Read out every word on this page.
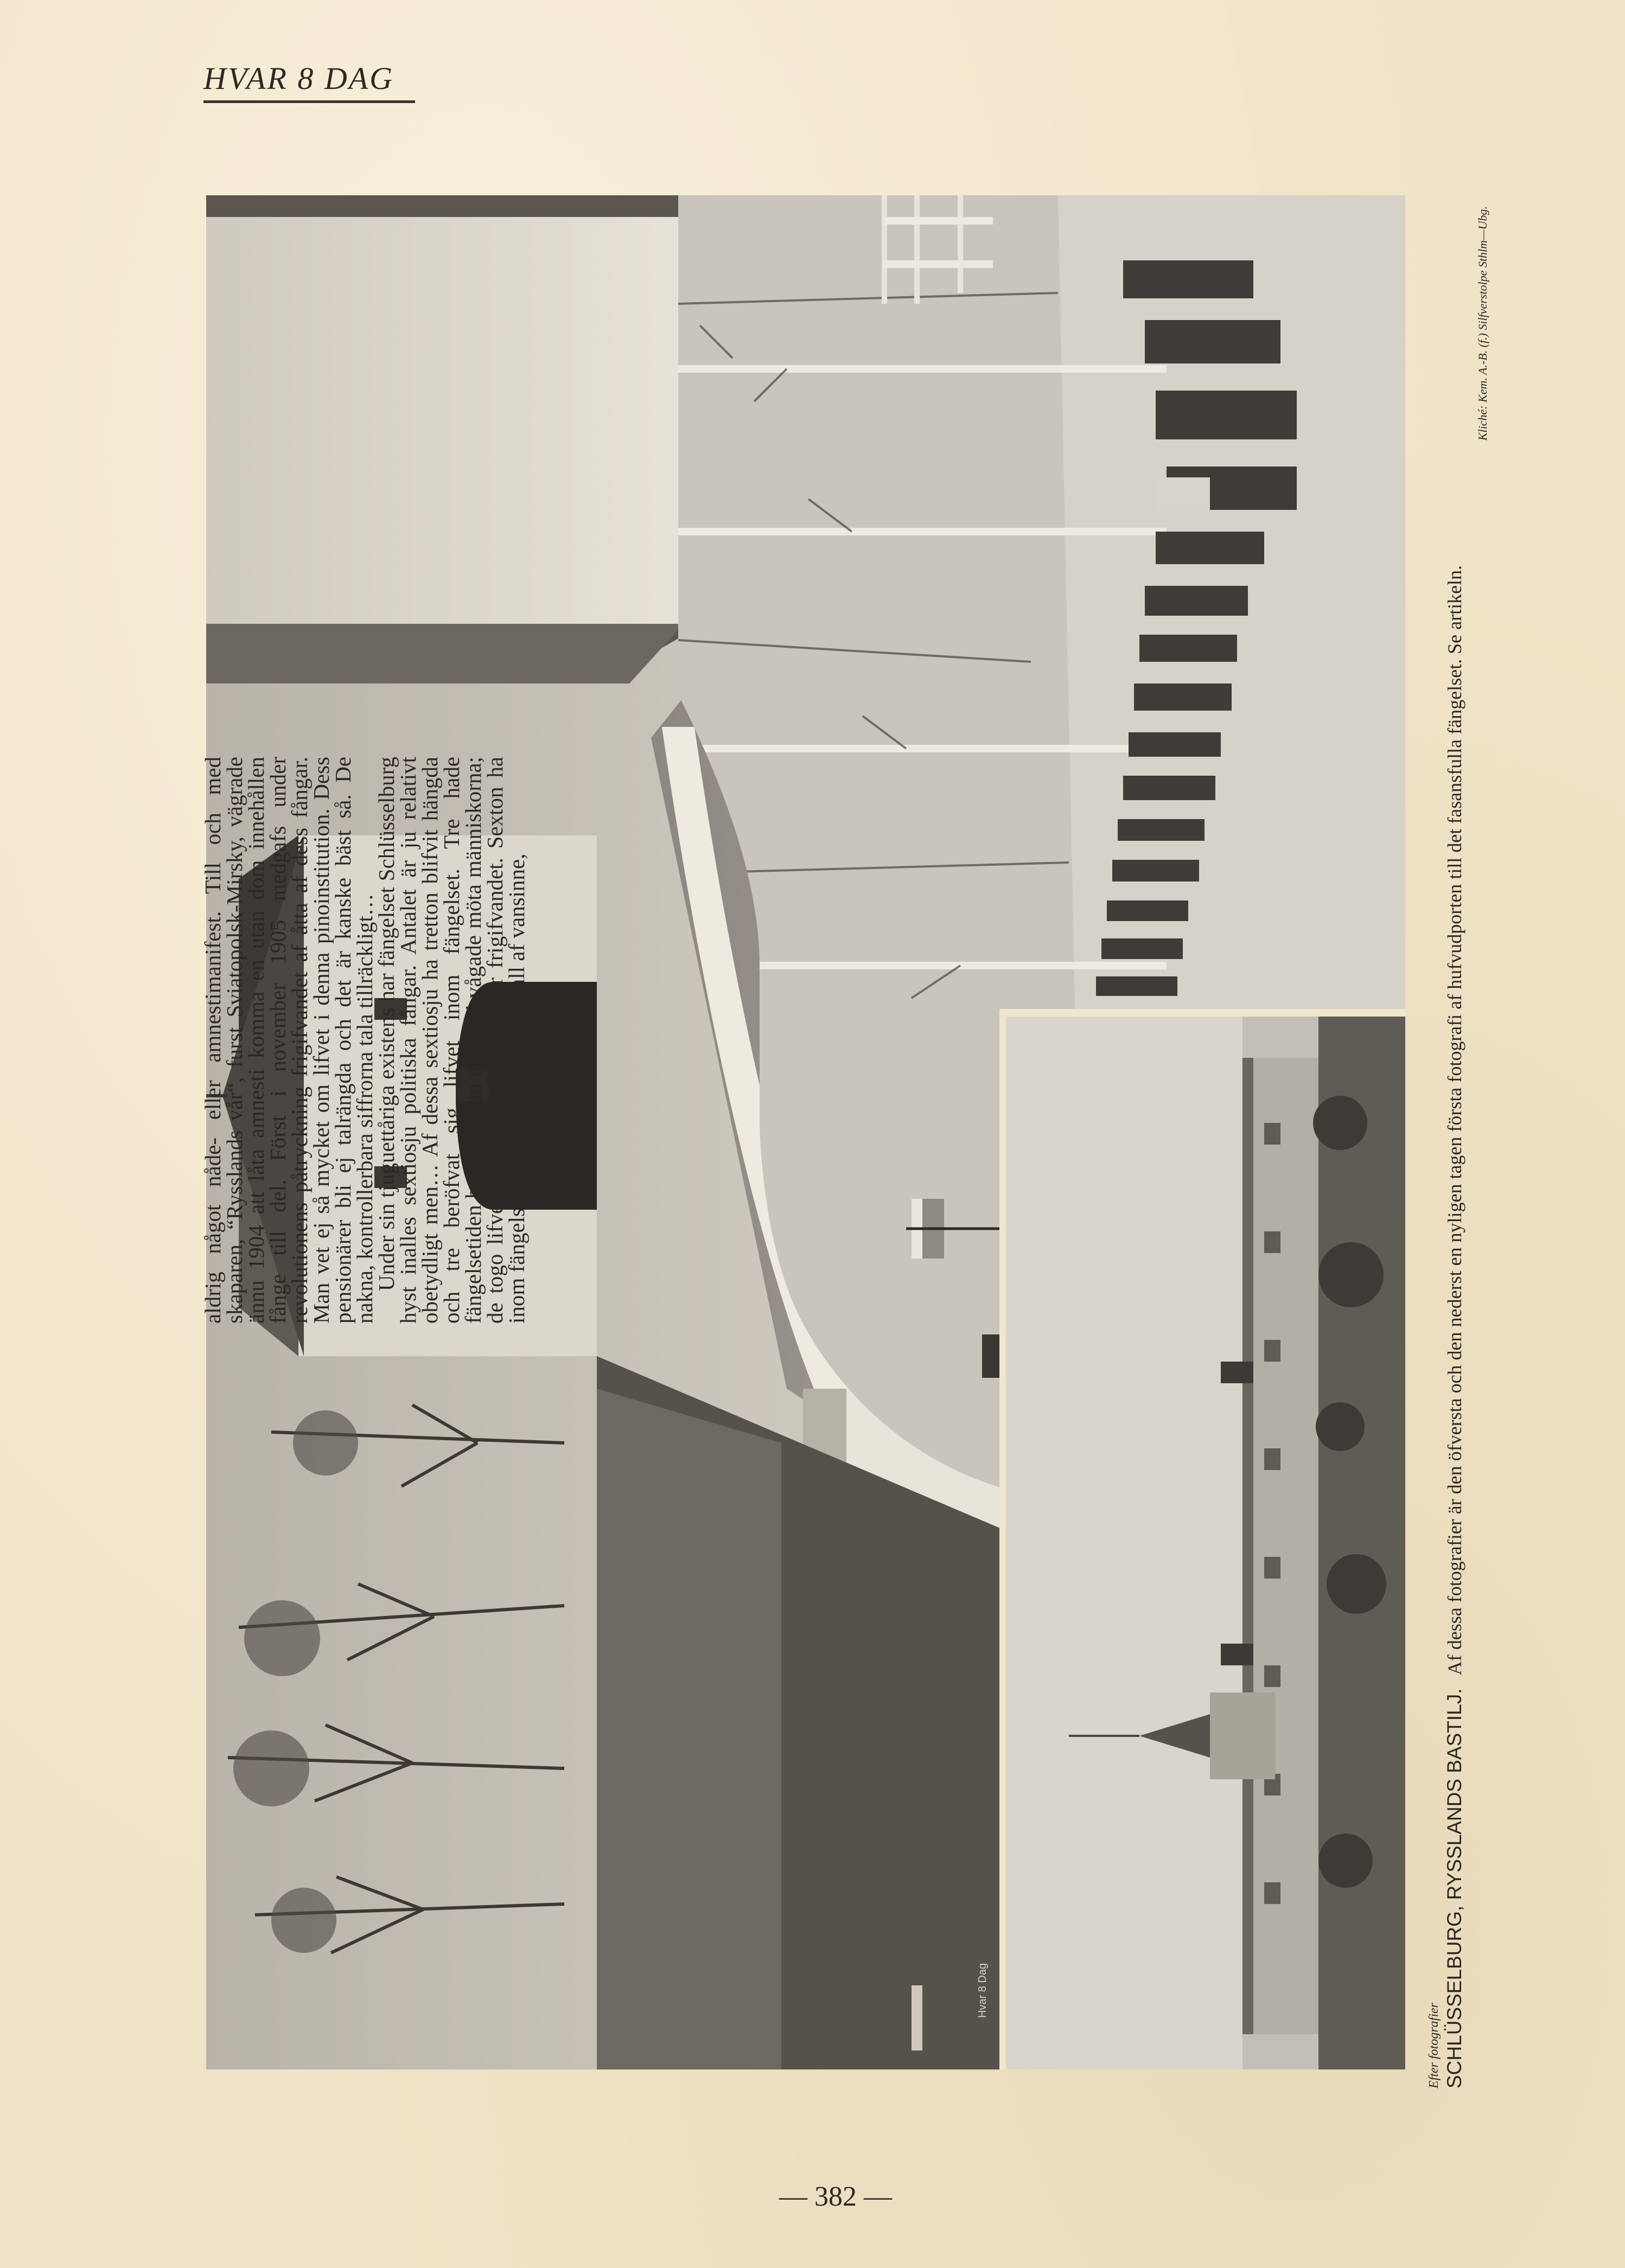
HVAR 8 DAG
Hvar 8 Dag

aldrig något nåde- eller amnestimanifest. Till och med skaparen, “Rysslands vår“, furst Sviatopolsk-Mirsky, vägrade ännu 1904 att låta amnesti komma en utan dom innehållen fånge till del. Först i november 1905 medgafs under revolutionens påtryckning frigifvandet af åtta af dess fångar. Man vet ej så mycket om lifvet i denna pinoinstitution. Dess pensionärer bli ej talrängda och det är kanske bäst så. De nakna, kontrollerbara siffrorna tala tillräckligt…

Under sin tjuguettåriga existens har fängelset Schlüsselburg hyst inalles sextiosju politiska fångar. Antalet är ju relativt obetydligt men… Af dessa sextiosju ha tretton blifvit hängda och tre beröfvat sig lifvet inom fängelset. Tre hade fängelsetiden brutit därhän att de ej vågade möta människorna; de togo lifvet af sig omedelbart efter frigifvandet. Sexton ha inom fängelsemurarne dödt under anfall af vansinne,

Efter fotografier SCHLÜSSELBURG, RYSSLANDS BASTILJ. Af dessa fotografier är den öfversta och den nederst en nyligen tagen första fotografi af hufvudporten till det fasansfulla fängelset. Se artikeln.
Kliché: Kem. A.-B. (f.) Silfverstolpe Sthlm—Ubg.
— 382 —
